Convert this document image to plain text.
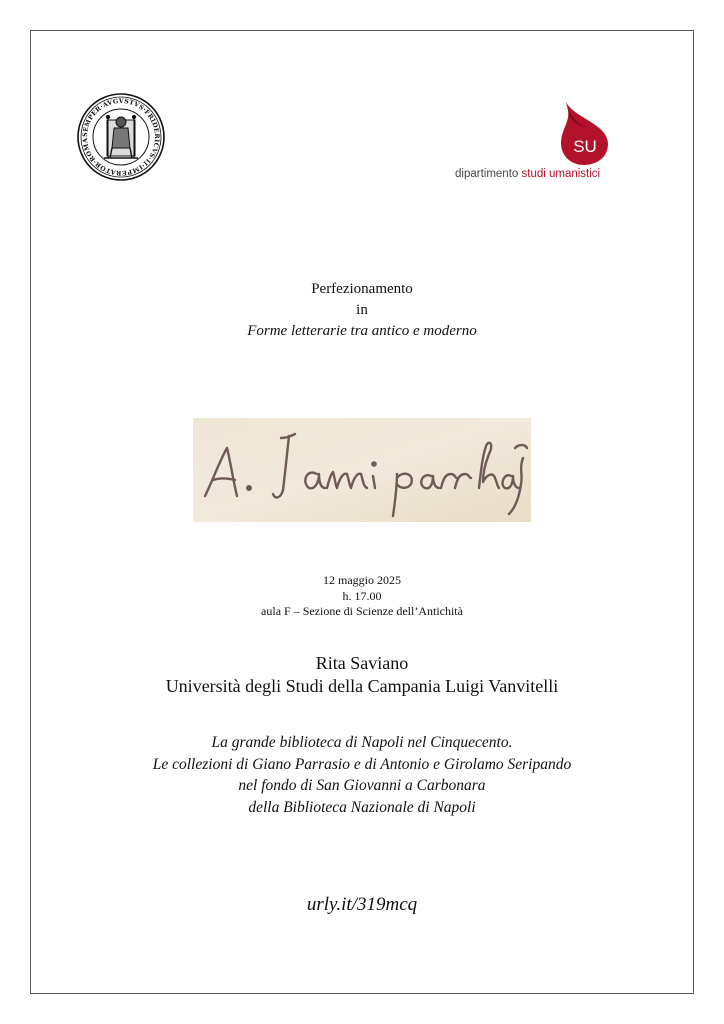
SEMPER·AVGVSTVS·FRIDERICVS·II·IMPERATOR·ROMA	SU
dipartimento studi umanistici
Perfezionamento
in
Forme letterarie tra antico e moderno
12 maggio 2025
h. 17.00
aula F – Sezione di Scienze dell’Antichità
Rita Saviano
Università degli Studi della Campania Luigi Vanvitelli
La grande biblioteca di Napoli nel Cinquecento.
Le collezioni di Giano Parrasio e di Antonio e Girolamo Seripando
nel fondo di San Giovanni a Carbonara
della Biblioteca Nazionale di Napoli
urly.it/319mcq
